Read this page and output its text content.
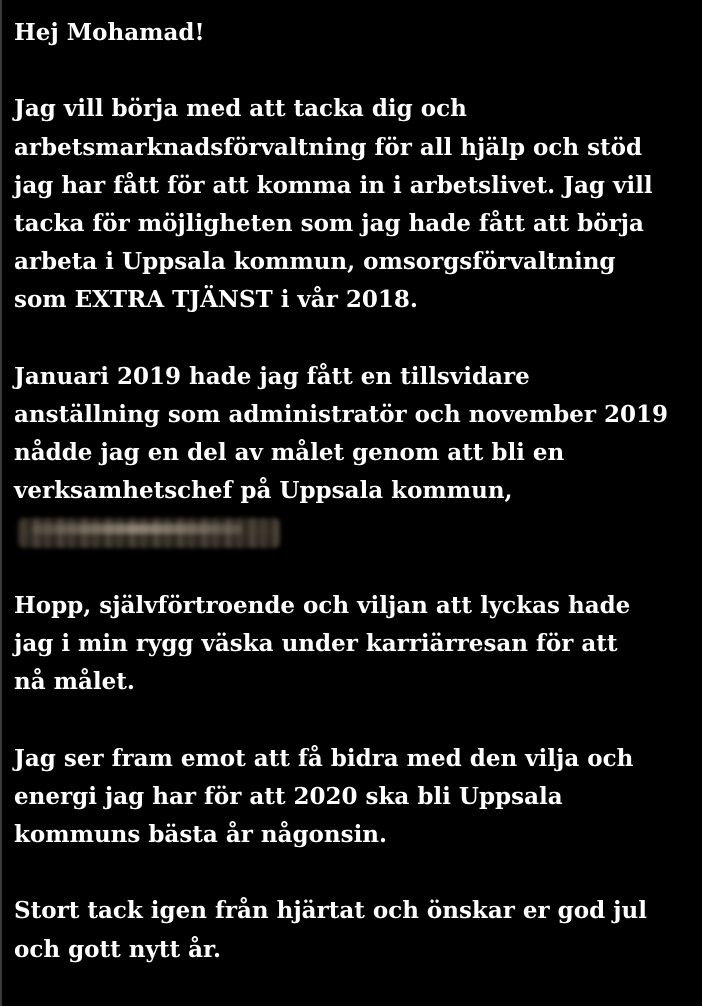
Hej Mohamad!
Jag vill börja med att tacka dig och
arbetsmarknadsförvaltning för all hjälp och stöd
jag har fått för att komma in i arbetslivet. Jag vill
tacka för möjligheten som jag hade fått att börja
arbeta i Uppsala kommun, omsorgsförvaltning
som EXTRA TJÄNST i vår 2018.
Januari 2019 hade jag fått en tillsvidare
anställning som administratör och november 2019
nådde jag en del av målet genom att bli en
verksamhetschef på Uppsala kommun,
Hopp, självförtroende och viljan att lyckas hade
jag i min rygg väska under karriärresan för att
nå målet.
Jag ser fram emot att få bidra med den vilja och
energi jag har för att 2020 ska bli Uppsala
kommuns bästa år någonsin.
Stort tack igen från hjärtat och önskar er god jul
och gott nytt år.
